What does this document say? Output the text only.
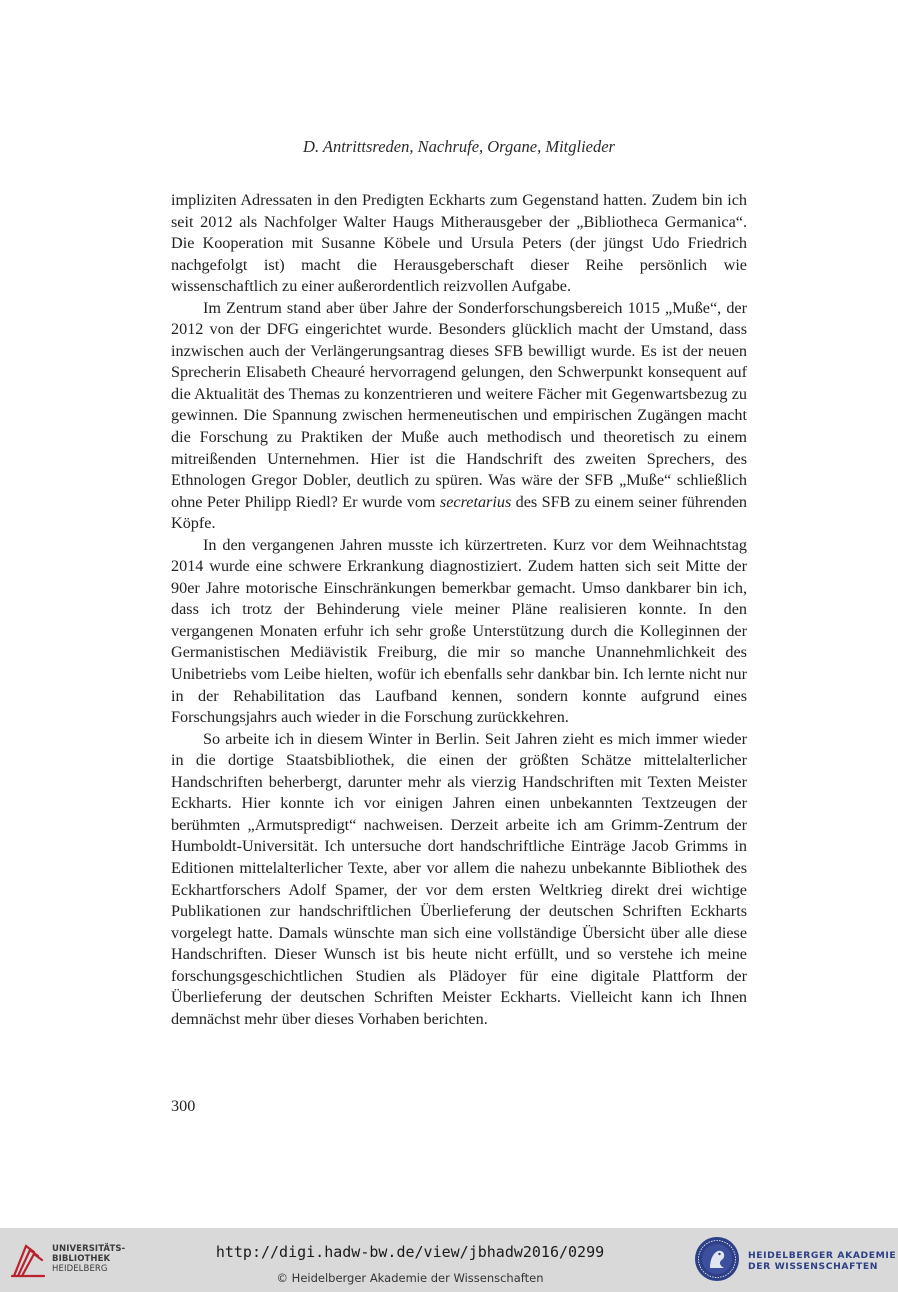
D. Antrittsreden, Nachrufe, Organe, Mitglieder

impliziten Adressaten in den Predigten Eckharts zum Gegenstand hatten. Zudem bin ich seit 2012 als Nachfolger Walter Haugs Mitherausgeber der „Bibliotheca Germanica“. Die Kooperation mit Susanne Köbele und Ursula Peters (der jüngst Udo Friedrich nachgefolgt ist) macht die Herausgeberschaft dieser Reihe persönlich wie wissenschaftlich zu einer außerordentlich reizvollen Aufgabe.

Im Zentrum stand aber über Jahre der Sonderforschungsbereich 1015 „Muße“, der 2012 von der DFG eingerichtet wurde. Besonders glücklich macht der Umstand, dass inzwischen auch der Verlängerungsantrag dieses SFB bewilligt wurde. Es ist der neuen Sprecherin Elisabeth Cheauré hervorragend gelungen, den Schwerpunkt konsequent auf die Aktualität des Themas zu konzentrieren und weitere Fächer mit Gegenwartsbezug zu gewinnen. Die Spannung zwischen hermeneutischen und empirischen Zugängen macht die Forschung zu Praktiken der Muße auch methodisch und theoretisch zu einem mitreißenden Unternehmen. Hier ist die Handschrift des zweiten Sprechers, des Ethnologen Gregor Dobler, deutlich zu spüren. Was wäre der SFB „Muße“ schließlich ohne Peter Philipp Riedl? Er wurde vom secretarius des SFB zu einem seiner führenden Köpfe.

In den vergangenen Jahren musste ich kürzertreten. Kurz vor dem Weihnachtstag 2014 wurde eine schwere Erkrankung diagnostiziert. Zudem hatten sich seit Mitte der 90er Jahre motorische Einschränkungen bemerkbar gemacht. Umso dankbarer bin ich, dass ich trotz der Behinderung viele meiner Pläne realisieren konnte. In den vergangenen Monaten erfuhr ich sehr große Unterstützung durch die Kolleginnen der Germanistischen Mediävistik Freiburg, die mir so manche Unannehmlichkeit des Unibetriebs vom Leibe hielten, wofür ich ebenfalls sehr dankbar bin. Ich lernte nicht nur in der Rehabilitation das Laufband kennen, sondern konnte aufgrund eines Forschungsjahrs auch wieder in die Forschung zurückkehren.

So arbeite ich in diesem Winter in Berlin. Seit Jahren zieht es mich immer wieder in die dortige Staatsbibliothek, die einen der größten Schätze mittelalterlicher Handschriften beherbergt, darunter mehr als vierzig Handschriften mit Texten Meister Eckharts. Hier konnte ich vor einigen Jahren einen unbekannten Textzeugen der berühmten „Armutspredigt“ nachweisen. Derzeit arbeite ich am Grimm-Zentrum der Humboldt-Universität. Ich untersuche dort handschriftliche Einträge Jacob Grimms in Editionen mittelalterlicher Texte, aber vor allem die nahezu unbekannte Bibliothek des Eckhartforschers Adolf Spamer, der vor dem ersten Weltkrieg direkt drei wichtige Publikationen zur handschriftlichen Überlieferung der deutschen Schriften Eckharts vorgelegt hatte. Damals wünschte man sich eine vollständige Übersicht über alle diese Handschriften. Dieser Wunsch ist bis heute nicht erfüllt, und so verstehe ich meine forschungsgeschichtlichen Studien als Plädoyer für eine digitale Plattform der Überlieferung der deutschen Schriften Meister Eckharts. Vielleicht kann ich Ihnen demnächst mehr über dieses Vorhaben berichten.

300
UNIVERSITÄTS-
BIBLIOTHEK
HEIDELBERG
http://digi.hadw-bw.de/view/jbhadw2016/0299
© Heidelberger Akademie der Wissenschaften
HEIDELBERGER AKADEMIE
DER WISSENSCHAFTEN
